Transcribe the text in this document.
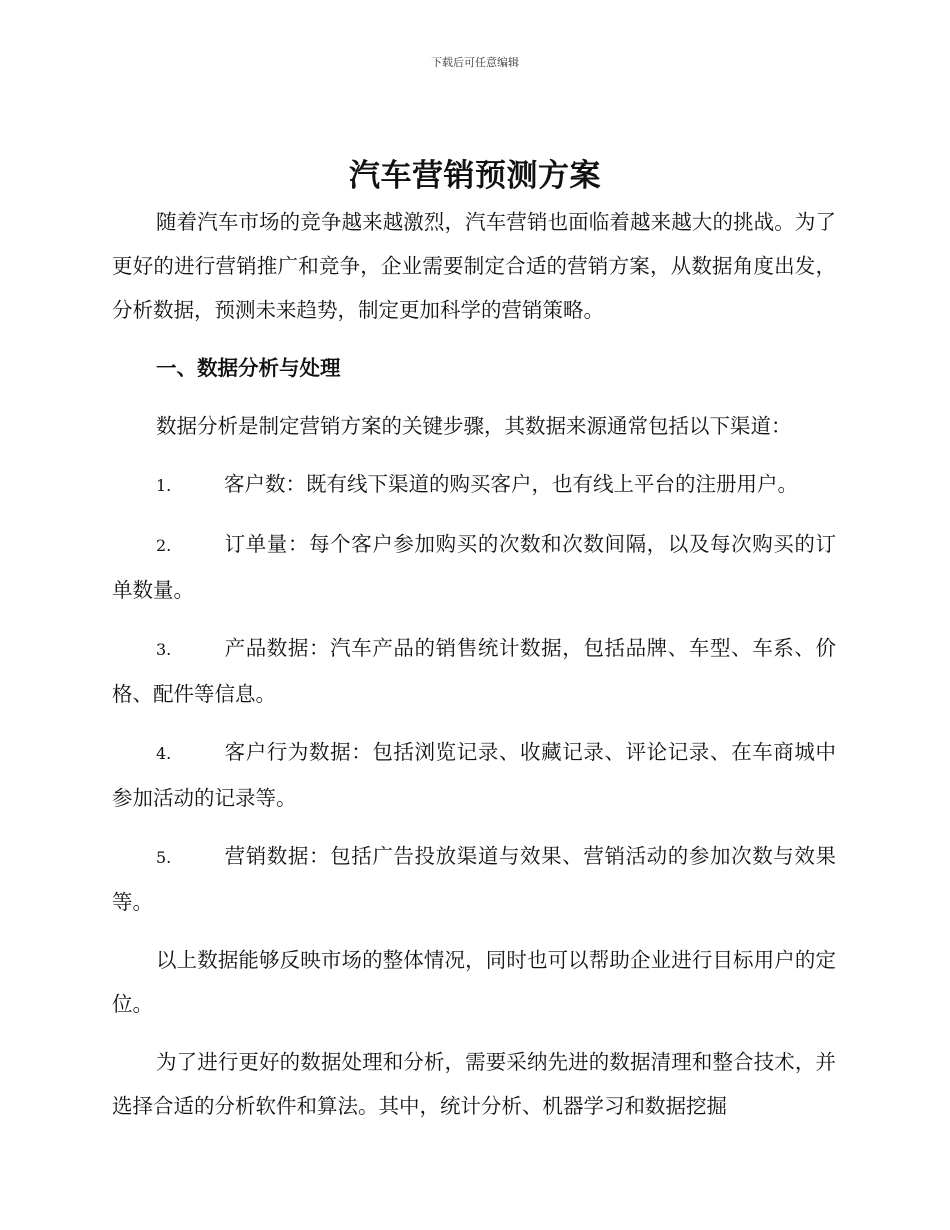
下载后可任意编辑
汽车营销预测方案

随着汽车市场的竞争越来越激烈，汽车营销也面临着越来越大的挑战。为了更好的进行营销推广和竞争，企业需要制定合适的营销方案，从数据角度出发，分析数据，预测未来趋势，制定更加科学的营销策略。

一、数据分析与处理

数据分析是制定营销方案的关键步骤，其数据来源通常包括以下渠道：

1.	客户数：既有线下渠道的购买客户，也有线上平台的注册用户。
2.	订单量：每个客户参加购买的次数和次数间隔，以及每次购买的订单数量。
3.	产品数据：汽车产品的销售统计数据，包括品牌、车型、车系、价格、配件等信息。
4.	客户行为数据：包括浏览记录、收藏记录、评论记录、在车商城中参加活动的记录等。
5.	营销数据：包括广告投放渠道与效果、营销活动的参加次数与效果等。

以上数据能够反映市场的整体情况，同时也可以帮助企业进行目标用户的定位。

为了进行更好的数据处理和分析，需要采纳先进的数据清理和整合技术，并选择合适的分析软件和算法。其中，统计分析、机器学习和数据挖掘
